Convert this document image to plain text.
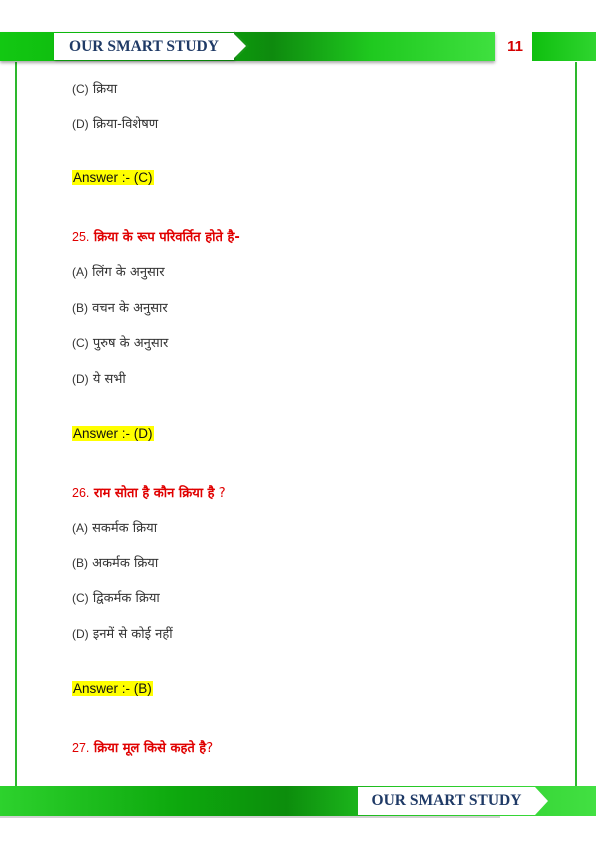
OUR SMART STUDY	11
(C) क्रिया
(D) क्रिया-विशेषण
Answer :- (C)
25. क्रिया के रूप परिवर्तित होते है-
(A) लिंग के अनुसार
(B) वचन के अनुसार
(C) पुरुष के अनुसार
(D) ये सभी
Answer :- (D)
26. राम सोता है कौन क्रिया है ?
(A) सकर्मक क्रिया
(B) अकर्मक क्रिया
(C) द्विकर्मक क्रिया
(D) इनमें से कोई नहीं
Answer :- (B)
27. क्रिया मूल किसे कहते है?
OUR SMART STUDY
